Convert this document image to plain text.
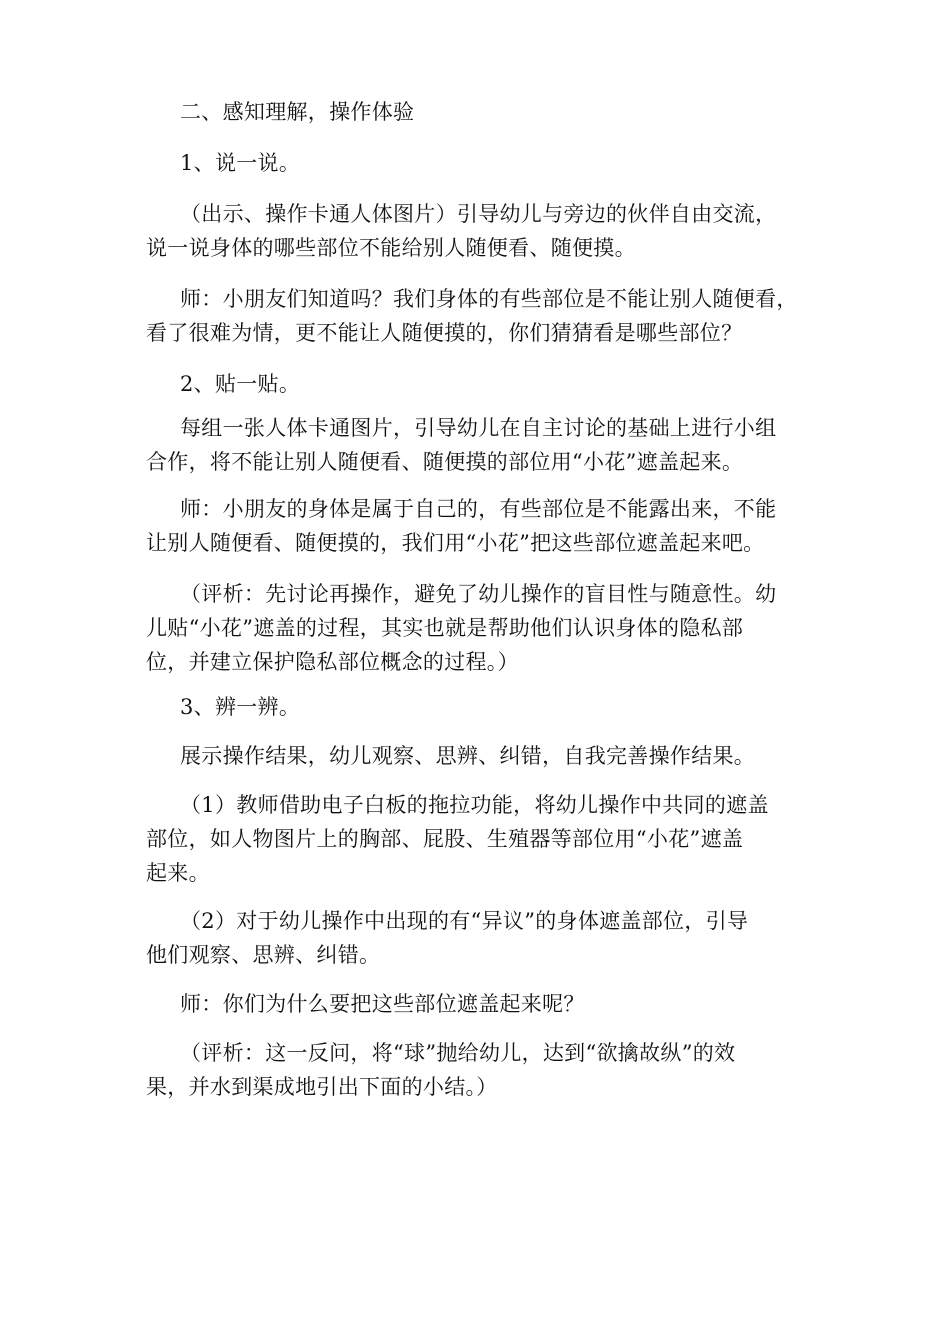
二、感知理解，操作体验

1、说一说。

（出示、操作卡通人体图片）引导幼儿与旁边的伙伴自由交流，
说一说身体的哪些部位不能给别人随便看、随便摸。

师：小朋友们知道吗？我们身体的有些部位是不能让别人随便看，
看了很难为情，更不能让人随便摸的，你们猜猜看是哪些部位？

2、贴一贴。

每组一张人体卡通图片，引导幼儿在自主讨论的基础上进行小组
合作，将不能让别人随便看、随便摸的部位用“小花”遮盖起来。

师：小朋友的身体是属于自己的，有些部位是不能露出来，不能
让别人随便看、随便摸的，我们用“小花”把这些部位遮盖起来吧。

（评析：先讨论再操作，避免了幼儿操作的盲目性与随意性。幼
儿贴“小花”遮盖的过程，其实也就是帮助他们认识身体的隐私部
位，并建立保护隐私部位概念的过程。）

3、辨一辨。

展示操作结果，幼儿观察、思辨、纠错，自我完善操作结果。

（1）教师借助电子白板的拖拉功能，将幼儿操作中共同的遮盖
部位，如人物图片上的胸部、屁股、生殖器等部位用“小花”遮盖
起来。

（2）对于幼儿操作中出现的有“异议”的身体遮盖部位，引导
他们观察、思辨、纠错。

师：你们为什么要把这些部位遮盖起来呢？

（评析：这一反问，将“球”抛给幼儿，达到“欲擒故纵”的效
果，并水到渠成地引出下面的小结。）
